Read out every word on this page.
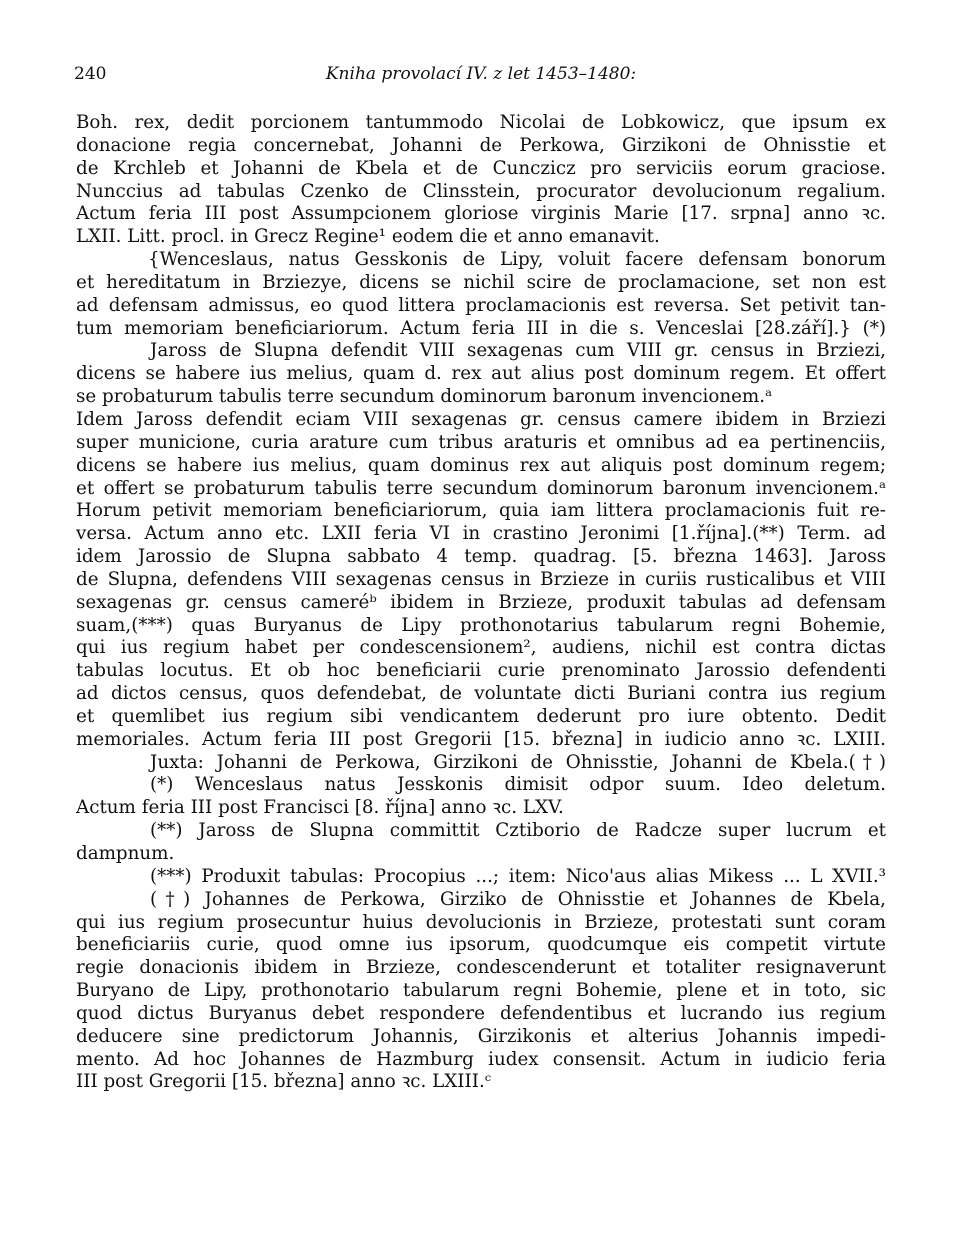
240	Kniha provolací IV. z let 1453–1480:
Boh. rex, dedit porcionem tantummodo Nicolai de Lobkowicz, que ipsum ex
donacione regia concernebat, Johanni de Perkowa, Girzikoni de Ohnisstie et
de Krchleb et Johanni de Kbela et de Cunczicz pro serviciis eorum graciose.
Nunccius ad tabulas Czenko de Clinsstein, procurator devolucionum regalium.
Actum feria III post Assumpcionem gloriose virginis Marie [17. srpna] anno ꝛc.
LXII. Litt. procl. in Grecz Regine¹ eodem die et anno emanavit.
{Wenceslaus, natus Gesskonis de Lipy, voluit facere defensam bonorum
et hereditatum in Brziezye, dicens se nichil scire de proclamacione, set non est
ad defensam admissus, eo quod littera proclamacionis est reversa. Set petivit tan-
tum memoriam beneficiariorum. Actum feria III in die s. Venceslai [28.září].} (*)
Jaross de Slupna defendit VIII sexagenas cum VIII gr. census in Brziezi,
dicens se habere ius melius, quam d. rex aut alius post dominum regem. Et offert
se probaturum tabulis terre secundum dominorum baronum invencionem.ᵃ
Idem Jaross defendit eciam VIII sexagenas gr. census camere ibidem in Brziezi
super municione, curia arature cum tribus araturis et omnibus ad ea pertinenciis,
dicens se habere ius melius, quam dominus rex aut aliquis post dominum regem;
et offert se probaturum tabulis terre secundum dominorum baronum invencionem.ᵃ
Horum petivit memoriam beneficiariorum, quia iam littera proclamacionis fuit re-
versa. Actum anno etc. LXII feria VI in crastino Jeronimi [1.října].(**) Term. ad
idem Jarossio de Slupna sabbato 4 temp. quadrag. [5. března 1463]. Jaross
de Slupna, defendens VIII sexagenas census in Brzieze in curiis rusticalibus et VIII
sexagenas gr. census cameréᵇ ibidem in Brzieze, produxit tabulas ad defensam
suam,(***) quas Buryanus de Lipy prothonotarius tabularum regni Bohemie,
qui ius regium habet per condescensionem², audiens, nichil est contra dictas
tabulas locutus. Et ob hoc beneficiarii curie prenominato Jarossio defendenti
ad dictos census, quos defendebat, de voluntate dicti Buriani contra ius regium
et quemlibet ius regium sibi vendicantem dederunt pro iure obtento. Dedit
memoriales. Actum feria III post Gregorii [15. března] in iudicio anno ꝛc. LXIII.
Juxta: Johanni de Perkowa, Girzikoni de Ohnisstie, Johanni de Kbela.(†)
(*) Wenceslaus natus Jesskonis dimisit odpor suum. Ideo deletum.
Actum feria III post Francisci [8. října] anno ꝛc. LXV.
(**) Jaross de Slupna committit Cztiborio de Radcze super lucrum et
dampnum.
(***) Produxit tabulas: Procopius ...; item: Nico'aus alias Mikess ... L XVII.³
(†) Johannes de Perkowa, Girziko de Ohnisstie et Johannes de Kbela,
qui ius regium prosecuntur huius devolucionis in Brzieze, protestati sunt coram
beneficiariis curie, quod omne ius ipsorum, quodcumque eis competit virtute
regie donacionis ibidem in Brzieze, condescenderunt et totaliter resignaverunt
Buryano de Lipy, prothonotario tabularum regni Bohemie, plene et in toto, sic
quod dictus Buryanus debet respondere defendentibus et lucrando ius regium
deducere sine predictorum Johannis, Girzikonis et alterius Johannis impedi-
mento. Ad hoc Johannes de Hazmburg iudex consensit. Actum in iudicio feria
III post Gregorii [15. března] anno ꝛc. LXIII.ᶜ
